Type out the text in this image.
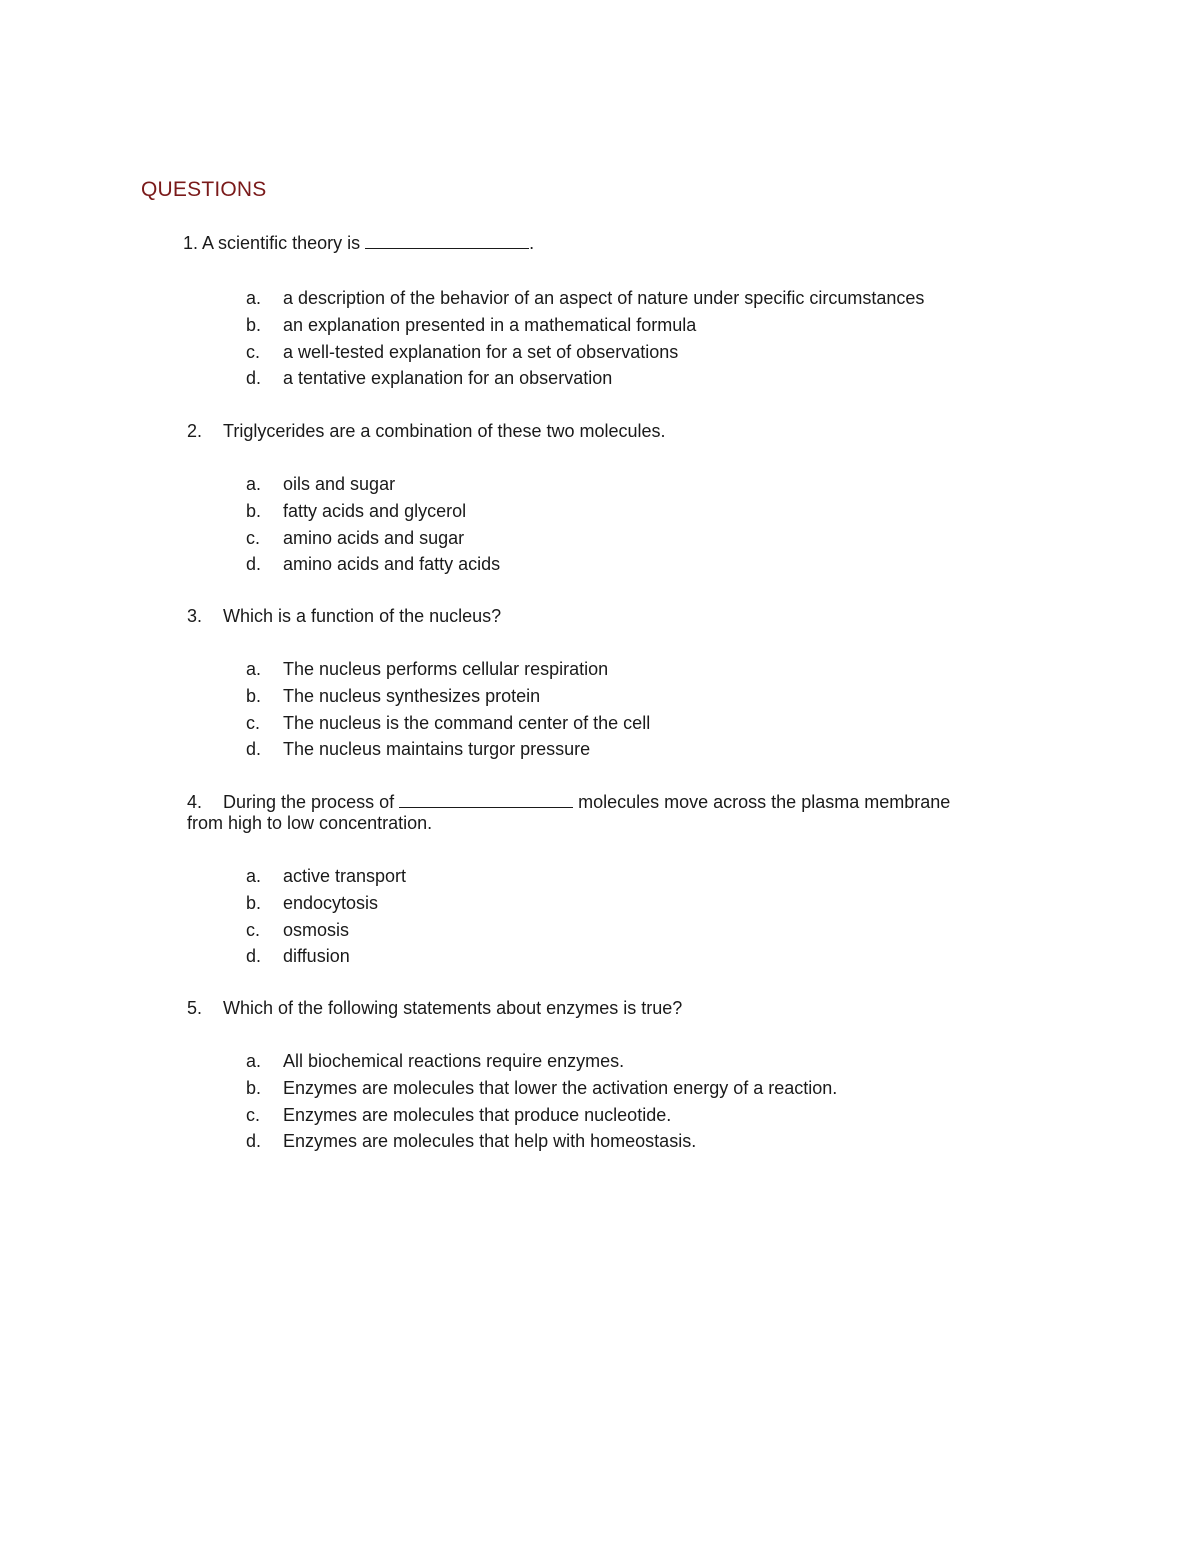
QUESTIONS
1. A scientific theory is	.
a. a description of the behavior of an aspect of nature under specific circumstances
b. an explanation presented in a mathematical formula
c. a well-tested explanation for a set of observations
d. a tentative explanation for an observation
2. Triglycerides are a combination of these two molecules.
a. oils and sugar
b. fatty acids and glycerol
c. amino acids and sugar
d. amino acids and fatty acids
3. Which is a function of the nucleus?
a. The nucleus performs cellular respiration
b. The nucleus synthesizes protein
c. The nucleus is the command center of the cell
d. The nucleus maintains turgor pressure
4. During the process of	molecules move across the plasma membrane
from high to low concentration.
a. active transport
b. endocytosis
c. osmosis
d. diffusion
5. Which of the following statements about enzymes is true?
a. All biochemical reactions require enzymes.
b. Enzymes are molecules that lower the activation energy of a reaction.
c. Enzymes are molecules that produce nucleotide.
d. Enzymes are molecules that help with homeostasis.
